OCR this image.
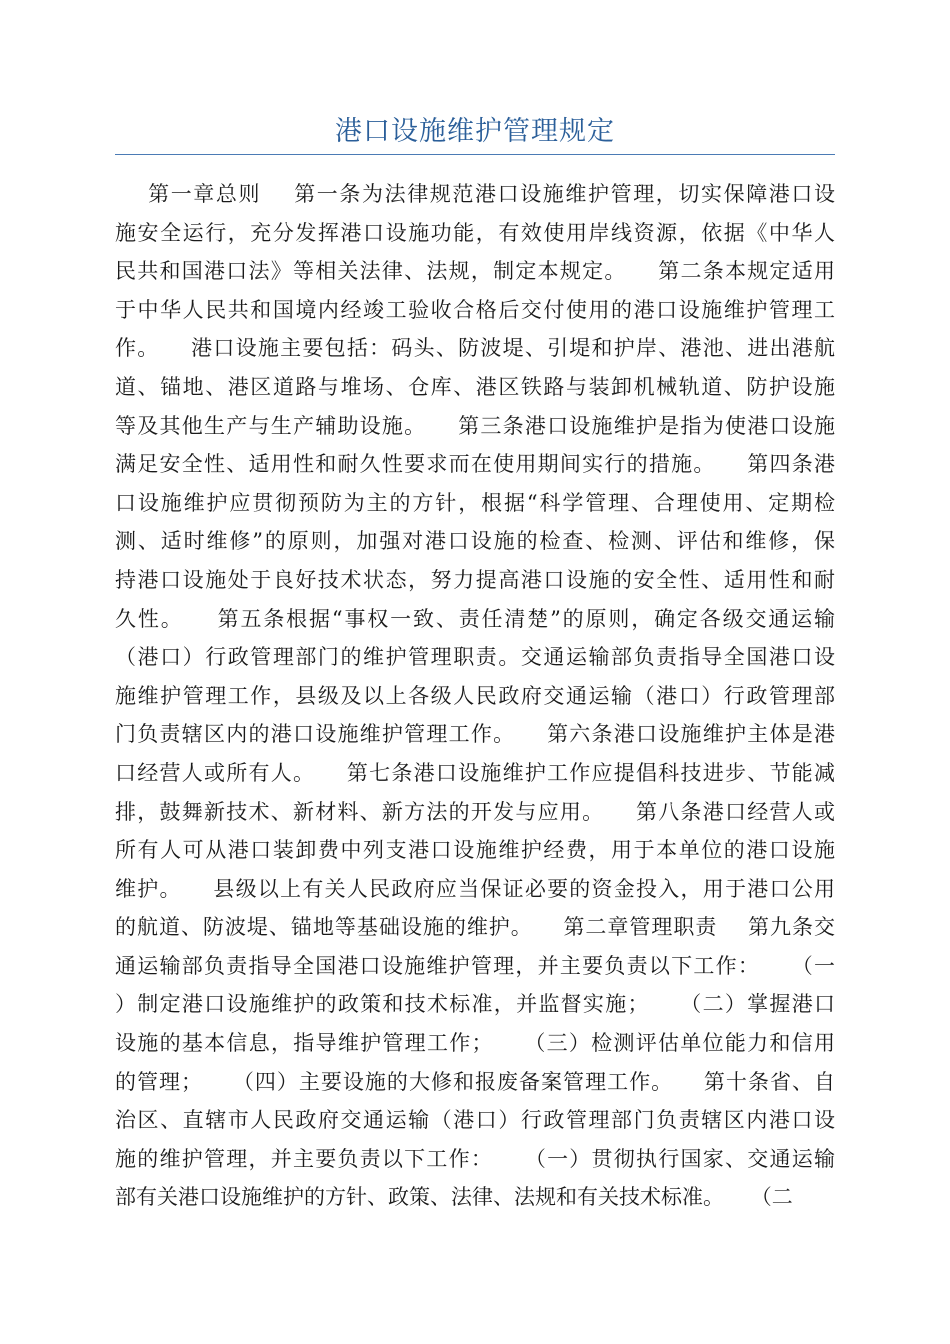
港口设施维护管理规定
第一章总则    第一条为法律规范港口设施维护管理，切实保障港口设
施安全运行，充分发挥港口设施功能，有效使用岸线资源，依据《中华人
民共和国港口法》等相关法律、法规，制定本规定。    第二条本规定适用
于中华人民共和国境内经竣工验收合格后交付使用的港口设施维护管理工
作。    港口设施主要包括：码头、防波堤、引堤和护岸、港池、进出港航
道、锚地、港区道路与堆场、仓库、港区铁路与装卸机械轨道、防护设施
等及其他生产与生产辅助设施。    第三条港口设施维护是指为使港口设施
满足安全性、适用性和耐久性要求而在使用期间实行的措施。    第四条港
口设施维护应贯彻预防为主的方针，根据“科学管理、合理使用、定期检
测、适时维修”的原则，加强对港口设施的检查、检测、评估和维修，保
持港口设施处于良好技术状态，努力提高港口设施的安全性、适用性和耐
久性。    第五条根据“事权一致、责任清楚”的原则，确定各级交通运输
（港口）行政管理部门的维护管理职责。交通运输部负责指导全国港口设
施维护管理工作，县级及以上各级人民政府交通运输（港口）行政管理部
门负责辖区内的港口设施维护管理工作。    第六条港口设施维护主体是港
口经营人或所有人。    第七条港口设施维护工作应提倡科技进步、节能减
排，鼓舞新技术、新材料、新方法的开发与应用。    第八条港口经营人或
所有人可从港口装卸费中列支港口设施维护经费，用于本单位的港口设施
维护。    县级以上有关人民政府应当保证必要的资金投入，用于港口公用
的航道、防波堤、锚地等基础设施的维护。    第二章管理职责    第九条交
通运输部负责指导全国港口设施维护管理，并主要负责以下工作：    （一
）制定港口设施维护的政策和技术标准，并监督实施；    （二）掌握港口
设施的基本信息，指导维护管理工作；    （三）检测评估单位能力和信用
的管理；    （四）主要设施的大修和报废备案管理工作。    第十条省、自
治区、直辖市人民政府交通运输（港口）行政管理部门负责辖区内港口设
施的维护管理，并主要负责以下工作：    （一）贯彻执行国家、交通运输
部有关港口设施维护的方针、政策、法律、法规和有关技术标准。    （二
